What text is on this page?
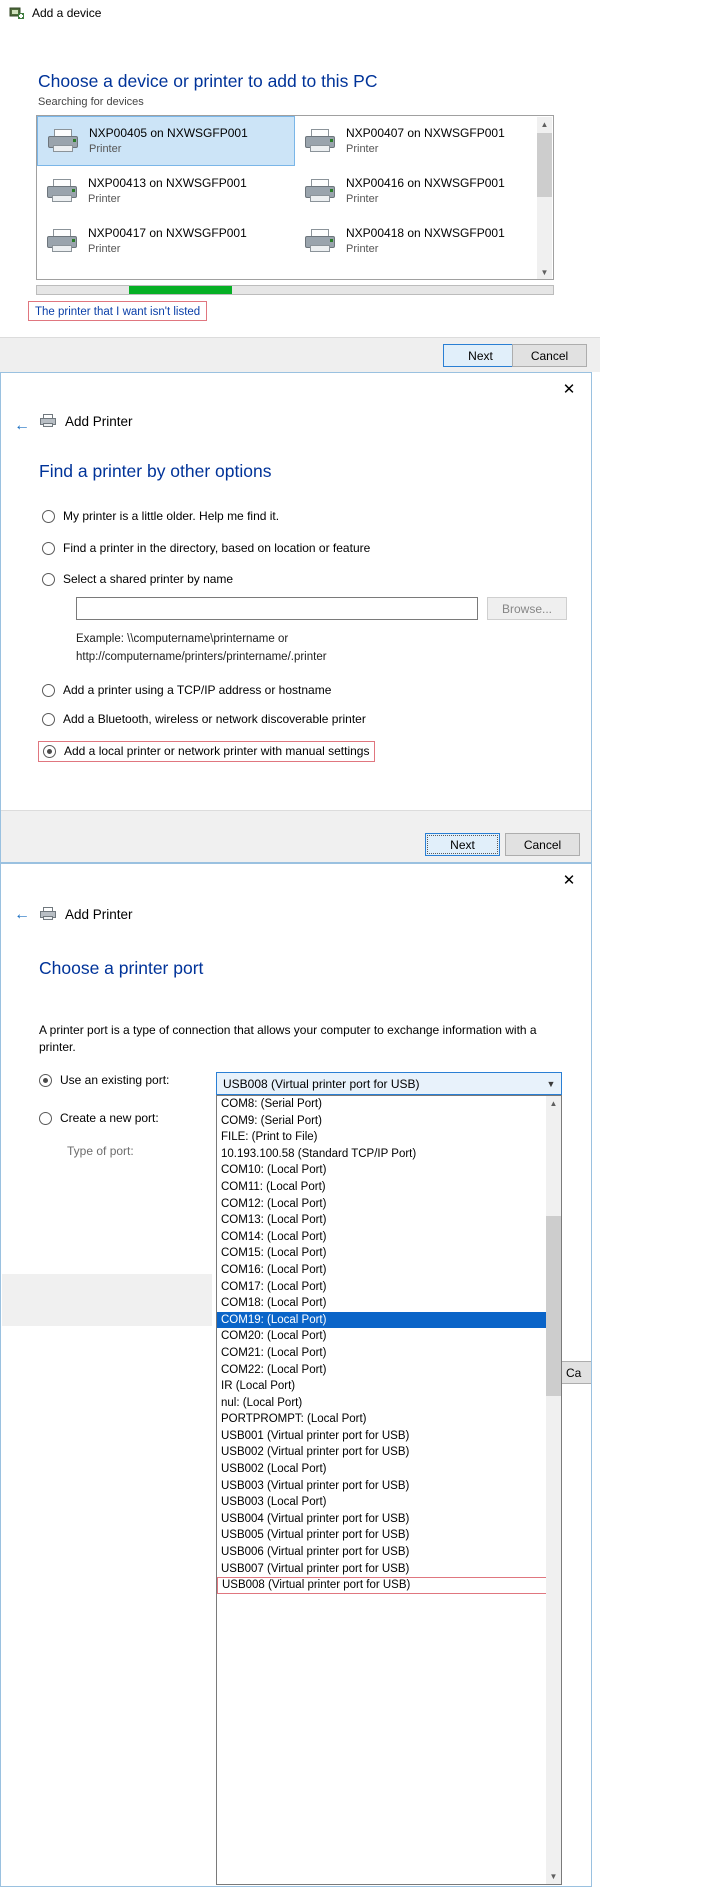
Add a device
Choose a device or printer to add to this PC
Searching for devices
NXP00405 on NXWSGFP001
Printer
NXP00407 on NXWSGFP001
Printer
NXP00413 on NXWSGFP001
Printer
NXP00416 on NXWSGFP001
Printer
NXP00417 on NXWSGFP001
Printer
NXP00418 on NXWSGFP001
Printer
▲
▼
The printer that I want isn't listed
Next	Cancel
✕
←	Add Printer
Find a printer by other options
My printer is a little older. Help me find it.
Find a printer in the directory, based on location or feature
Select a shared printer by name
Browse...
Example: \\computername\printername or
http://computername/printers/printername/.printer
Add a printer using a TCP/IP address or hostname
Add a Bluetooth, wireless or network discoverable printer
Add a local printer or network printer with manual settings
Next	Cancel
✕
←	Add Printer
Choose a printer port
A printer port is a type of connection that allows your computer to exchange information with a printer.
Use an existing port:
Create a new port:
Type of port:
USB008 (Virtual printer port for USB)	▼
Ca
COM8: (Serial Port)
COM9: (Serial Port)
FILE: (Print to File)
10.193.100.58 (Standard TCP/IP Port)
COM10: (Local Port)
COM11: (Local Port)
COM12: (Local Port)
COM13: (Local Port)
COM14: (Local Port)
COM15: (Local Port)
COM16: (Local Port)
COM17: (Local Port)
COM18: (Local Port)
COM19: (Local Port)
COM20: (Local Port)
COM21: (Local Port)
COM22: (Local Port)
IR (Local Port)
nul: (Local Port)
PORTPROMPT: (Local Port)
USB001 (Virtual printer port for USB)
USB002 (Virtual printer port for USB)
USB002 (Local Port)
USB003 (Virtual printer port for USB)
USB003 (Local Port)
USB004 (Virtual printer port for USB)
USB005 (Virtual printer port for USB)
USB006 (Virtual printer port for USB)
USB007 (Virtual printer port for USB)
USB008 (Virtual printer port for USB)
▲
▼
